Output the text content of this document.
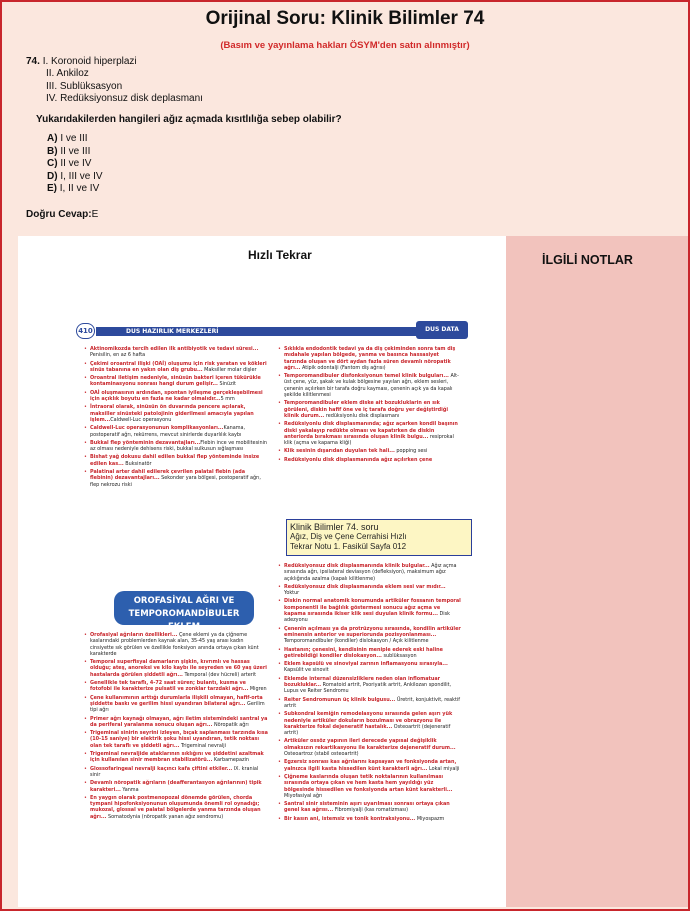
Orijinal Soru: Klinik Bilimler 74
(Basım ve yayınlama hakları ÖSYM'den satın alınmıştır)
74. I. Koronoid hiperplazi
II. Ankiloz
III. Sublüksasyon
IV. Redüksiyonsuz disk deplasmanı
Yukarıdakilerden hangileri ağız açmada kısıtlılığa sebep olabilir?
A) I ve III
B) II ve III
C) II ve IV
D) I, III ve IV
E) I, II ve IV
Doğru Cevap:E
Hızlı Tekrar
DUS HAZIRLIK MERKEZLERİ
410	DUS DATA

• Aktinomikozda tercih edilen ilk antibiyotik ve tedavi süresi... Penisilin, en az 6 hafta

• Çekimi oroantral ilişki (OAİ) oluşumu için risk yaratan ve kökleri sinüs tabanına en yakın olan diş grubu... Maksiller molar dişler

• Oroantral iletişim nedeniyle, sinüsün bakteri içeren tükürükle kontaminasyonu sonrası hangi durum gelişir... Sinüzit

• OAİ oluşmasının ardından, spontan iyileşme gerçekleşebilmesi için açıklık boyutu en fazla ne kadar olmalıdır...5 mm

• İntraoral olarak, sinüsün ön duvarında pencere açılarak, maksiller sinüsteki patolojinin giderilmesi amacıyla yapılan işlem...Caldwell-Luc operasyonu

• Caldwell-Luc operasyonunun komplikasyonları...Kanama, postoperatif ağrı, rekürrens, mevcut sinirlerde duyarlılık kaybı

• Bukkal flep yönteminin dezavantajları...Flebin ince ve mobilitesinin az olması nedeniyle dehisens riski, bukkal sulkusun sığlaşması

• Bishat yağ dokusu dahil edilen bukkal flep yönteminde insize edilen kas... Buksinatör

• Palatinal arter dahil edilerek çevrilen palatal flebin (ada flebinin) dezavantajları... Sekonder yara bölgesi, postoperatif ağrı, flep nekrozu riski

OROFASİYAL AĞRI VE TEMPOROMANDİBULER EKLEM

• Orofasiyal ağrıların özellikleri... Çene eklemi ya da çiğneme kaslarındaki problemlerden kaynak alan, 35-45 yaş arası kadın cinsiyette sık görülen ve özellikle fonksiyon anında ortaya çıkan künt karakterde

• Temporal superfisyal damarların şişkin, kıvrımlı ve hassas olduğu; ateş, anoreksi ve kilo kaybı ile seyreden ve 60 yaş üzeri hastalarda görülen şiddetli ağrı... Temporal (dev hücreli) arterit

• Genellikle tek taraflı, 4-72 saat süren; bulantı, kusma ve fotofobi ile karakterize pulsatil ve zonklar tarzdaki ağrı... Migren

• Çene kullanımının arttığı durumlarla ilişkili olmayan, hafif-orta şiddette baskı ve gerilim hissi uyandıran bilateral ağrı... Gerilim tipi ağrı

• Primer ağrı kaynağı olmayan, ağrı iletim sistemindeki santral ya da periferal yaralanma sonucu oluşan ağrı... Nöropatik ağrı

• Trigeminal sinirin seyrini izleyen, bıçak saplanması tarzında kısa (10-15 saniye) bir elektrik şoku hissi uyandıran, tetik noktası olan tek taraflı ve şiddetli ağrı... Trigeminal nevralji

• Trigeminal nevraljide ataklarının sıklığını ve şiddetini azaltmak için kullanılan sinir membran stabilizatörü... Karbamepazin

• Glossofaringeal nevralji kaçıncı kafa çiftini etkiler... IX. kranial sinir

• Devamlı nöropatik ağrıların (deafferantasyon ağrılarının) tipik karakteri... Yanma

• En yaygın olarak postmenopozal dönemde görülen, chorda tympani hipofonksiyonunun oluşumunda önemli rol oynadığı; mukozal, glossal ve palatal bölgelerde yanma tarzında oluşan ağrı... Somatodynia (nöropatik yanan ağız sendromu)

• Sıklıkla endodontik tedavi ya da diş çekiminden sonra tam diş mıdahale yapılan bölgede, yanma ve basınca hassasiyet tarzında oluşan ve dört aydan fazla süren devamlı nöropatik ağrı... Atipik odontalji (Fantom diş ağrısı)

• Temporomandibuler disfonksiyonun temel klinik bulguları... Alt-üst çene, yüz, şakak ve kulak bölgesine yayılan ağrı, eklem sesleri, çenenin açılırken bir tarafa doğru kayması, çenenin açık ya da kapalı şekilde kilitlenmesi

• Temporomandibuler eklem diske ait bozukluklarin en sık görüleni, diskin hafif öne ve iç tarafa doğru yer değiştirdiği klinik durum... redüksiyonlu disk displasmanı

• Redüksiyonlu disk displasmanında; ağız açarken kondil başının diski yakalayıp redükte olması ve kapatırken de diskin anteriorda bırakması sırasında oluşan klinik bulgu... resiprokal klik (açma ve kapama kliği)

• Klik sesinin dışarıdan duyulan tek hali... popping sesi

• Redüksiyonlu disk displasmanında ağız açılırken çene

• Redüksiyonsuz disk displasmanında klinik bulgular... Ağız açma sırasında ağrı, ipsilateral deviasyon (defleksiyon), maksimum ağız açıklığında azalma (kapalı kilitlenme)

• Redüksiyonsuz disk displasmanında eklem sesi var mıdır... Yoktur

• Diskin normal anatomik konumunda artiküler fossanın temporal komponentli ile bağlılık göstermesi sonucu ağız açma ve kapama sırasında ikiser klik sesi duyulan klinik formu... Disk adezyonu

• Çenenin açılması ya da protrüzyonu sırasında, kondilin artiküler eminensin anterior ve superiorunda pozisyonlanması... Temporomandibuler (kondiler) dislokasyon / Açık kilitlenme

• Hastanın; çenesini, kendisinin meniple ederek eski haline getirebildiği kondiler dislokasyon... sublüksasyon

• Eklem kapsülü ve sinoviyal zarının inflamasyonu sırasıyla... Kapsülit ve sinovit

• Eklemde internal düzensizliklere neden olan inflomatuar bozukluklar... Romatoid artrit, Psoriyatik artrit, Ankilozan spondilit, Lupus ve Reiter Sendromu

• Reiter Sendromunun üç klinik bulgusu... Üretrit, konjuktivit, reaktif artrit

• Subkondral kemiğin remodelasyonu sırasında gelen aşırı yük nedeniyle artiküler dokuların bozulması ve obrazyonu ile karakterize fokal dejeneratif hastalık... Osteoartrit (dejeneratif artrit)

• Artiküler ossöz yapının ileri derecede yapısal değişiklik olmaksızın rekartikasyonu ile karakterize dejeneratif durum... Osteoartroz (stabil osteoartrit)

• Egzersiz sonrası kas ağrılarını kapsayan ve fonksiyonda artan, yalnızca ilgili kasta hissedilen künt karakterli ağrı... Lokal miyalji

• Çiğneme kaslarında oluşan tetik noktalarının kullanılması sırasında ortaya çıkan ve hem kasta hem yayıldığı yüz bölgesinde hissedilen ve fonksiyonda artan künt karakterli... Miyofasiyal ağrı

• Santral sinir sisteminin aşırı uyarılması sonrası ortaya çıkan genel kas ağrısı... Fibromiyalji (kas romatizması)

• Bir kasın ani, istemsiz ve tonik kontraksiyonu... Miyospazm

Klinik Bilimler 74. soru
Ağız, Diş ve Çene Cerrahisi Hızlı
Tekrar Notu 1. Fasikül Sayfa 012
İLGİLİ NOTLAR
